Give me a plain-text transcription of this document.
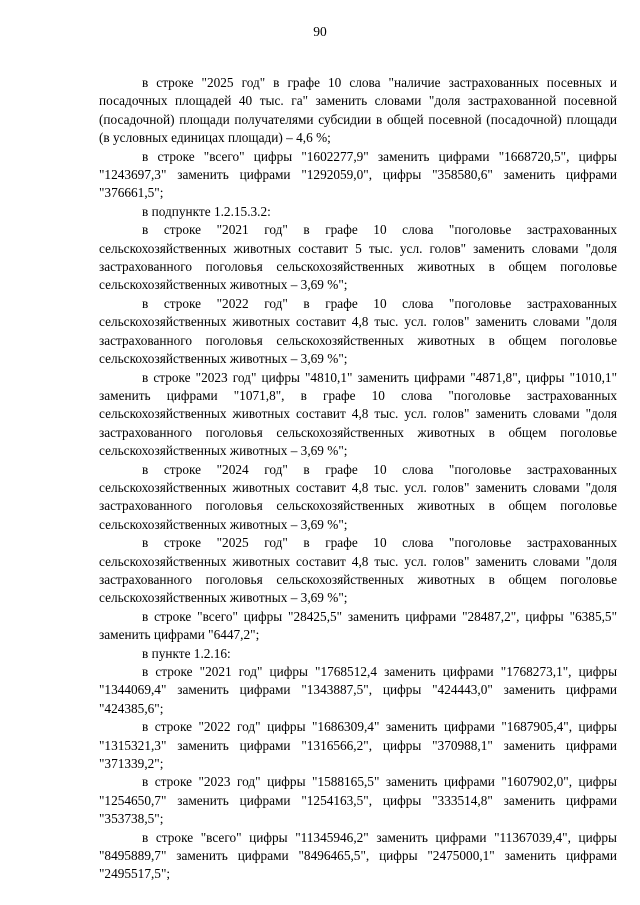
90

в строке "2025 год" в графе 10 слова "наличие застрахованных посевных и посадочных площадей 40 тыс. га" заменить словами "доля застрахованной посевной (посадочной) площади получателями субсидии в общей посевной (посадочной) площади (в условных единицах площади) – 4,6 %;

в строке "всего" цифры "1602277,9" заменить цифрами "1668720,5", цифры "1243697,3" заменить цифрами "1292059,0", цифры "358580,6" заменить цифрами "376661,5";

в подпункте 1.2.15.3.2:

в строке "2021 год" в графе 10 слова "поголовье застрахованных сельскохозяйственных животных составит 5 тыс. усл. голов" заменить словами "доля застрахованного поголовья сельскохозяйственных животных в общем поголовье сельскохозяйственных животных – 3,69 %";

в строке "2022 год" в графе 10 слова "поголовье застрахованных сельскохозяйственных животных составит 4,8 тыс. усл. голов" заменить словами "доля застрахованного поголовья сельскохозяйственных животных в общем поголовье сельскохозяйственных животных – 3,69 %";

в строке "2023 год" цифры "4810,1" заменить цифрами "4871,8", цифры "1010,1" заменить цифрами "1071,8", в графе 10 слова "поголовье застрахованных сельскохозяйственных животных составит 4,8 тыс. усл. голов" заменить словами "доля застрахованного поголовья сельскохозяйственных животных в общем поголовье сельскохозяйственных животных – 3,69 %";

в строке "2024 год" в графе 10 слова "поголовье застрахованных сельскохозяйственных животных составит 4,8 тыс. усл. голов" заменить словами "доля застрахованного поголовья сельскохозяйственных животных в общем поголовье сельскохозяйственных животных – 3,69 %";

в строке "2025 год" в графе 10 слова "поголовье застрахованных сельскохозяйственных животных составит 4,8 тыс. усл. голов" заменить словами "доля застрахованного поголовья сельскохозяйственных животных в общем поголовье сельскохозяйственных животных – 3,69 %";

в строке "всего" цифры "28425,5" заменить цифрами "28487,2", цифры "6385,5" заменить цифрами "6447,2";

в пункте 1.2.16:

в строке "2021 год" цифры "1768512,4 заменить цифрами "1768273,1", цифры "1344069,4" заменить цифрами "1343887,5", цифры "424443,0" заменить цифрами "424385,6";

в строке "2022 год" цифры "1686309,4" заменить цифрами "1687905,4", цифры "1315321,3" заменить цифрами "1316566,2", цифры "370988,1" заменить цифрами "371339,2";

в строке "2023 год" цифры "1588165,5" заменить цифрами "1607902,0", цифры "1254650,7" заменить цифрами "1254163,5", цифры "333514,8" заменить цифрами "353738,5";

в строке "всего" цифры "11345946,2" заменить цифрами "11367039,4", цифры "8495889,7" заменить цифрами "8496465,5", цифры "2475000,1" заменить цифрами "2495517,5";
